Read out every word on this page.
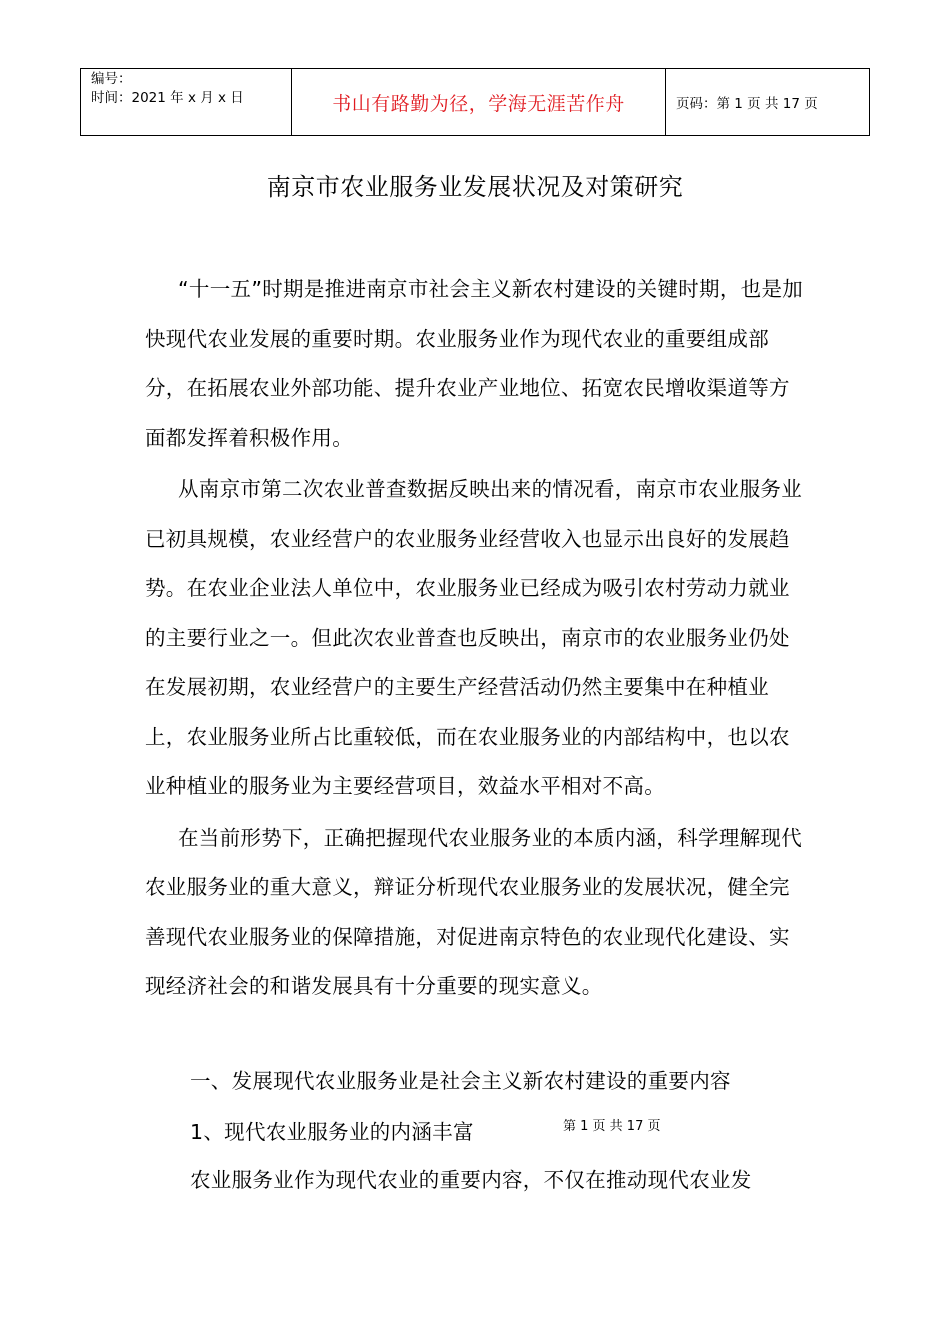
编号：
时间：2021 年 x 月 x 日	书山有路勤为径，学海无涯苦作舟	页码：第 1 页 共 17 页
南京市农业服务业发展状况及对策研究

“十一五”时期是推进南京市社会主义新农村建设的关键时期，也是加快现代农业发展的重要时期。农业服务业作为现代农业的重要组成部分，在拓展农业外部功能、提升农业产业地位、拓宽农民增收渠道等方面都发挥着积极作用。

从南京市第二次农业普查数据反映出来的情况看，南京市农业服务业已初具规模，农业经营户的农业服务业经营收入也显示出良好的发展趋势。在农业企业法人单位中，农业服务业已经成为吸引农村劳动力就业的主要行业之一。但此次农业普查也反映出，南京市的农业服务业仍处在发展初期，农业经营户的主要生产经营活动仍然主要集中在种植业上，农业服务业所占比重较低，而在农业服务业的内部结构中，也以农业种植业的服务业为主要经营项目，效益水平相对不高。

在当前形势下，正确把握现代农业服务业的本质内涵，科学理解现代农业服务业的重大意义，辩证分析现代农业服务业的发展状况，健全完善现代农业服务业的保障措施，对促进南京特色的农业现代化建设、实现经济社会的和谐发展具有十分重要的现实意义。

一、发展现代农业服务业是社会主义新农村建设的重要内容
1、现代农业服务业的内涵丰富	第 1 页 共 17 页
农业服务业作为现代农业的重要内容，不仅在推动现代农业发
